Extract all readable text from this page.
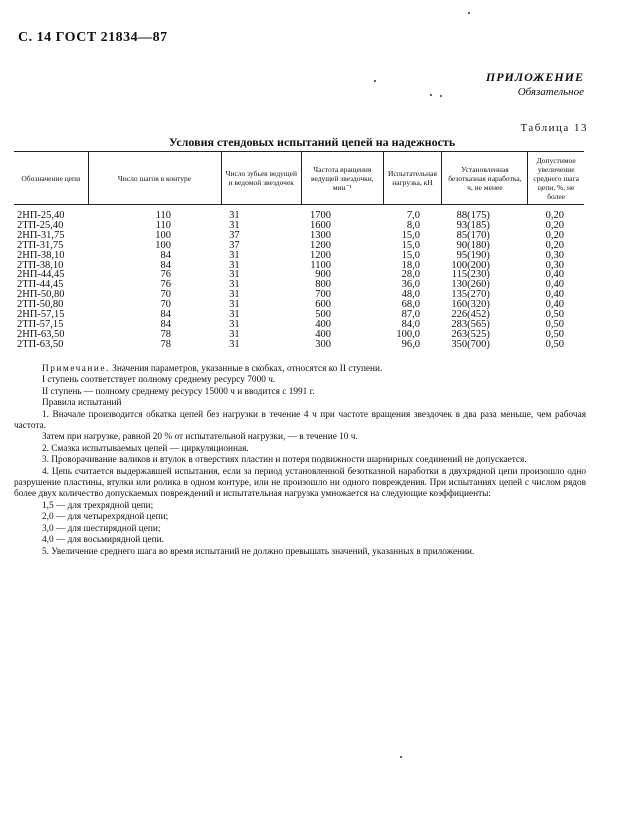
С. 14 ГОСТ 21834—87
ПРИЛОЖЕНИЕ
Обязательное
Таблица 13
Условия стендовых испытаний цепей на надежность
Обозначение цепи	Число шагов в контуре	Число зубьев ведущей и ведомой звездочек	Частота вращения ведущей звездочки, мин⁻¹	Испытательная нагрузка, кН	Установленная безотказная наработка, ч, не менее	Допустимое увеличение среднего шага цепи, %, не более
2НП-25,40	110	31	1700	7,0	88(175)	0,20
2ТП-25,40	110	31	1600	8,0	93(185)	0,20
2НП-31,75	100	37	1300	15,0	85(170)	0,20
2ТП-31,75	100	37	1200	15,0	90(180)	0,20
2НП-38,10	84	31	1200	15,0	95(190)	0,30
2ТП-38,10	84	31	1100	18,0	100(200)	0,30
2НП-44,45	76	31	900	28,0	115(230)	0,40
2ТП-44,45	76	31	800	36,0	130(260)	0,40
2НП-50,80	70	31	700	48,0	135(270)	0,40
2ТП-50,80	70	31	600	68,0	160(320)	0,40
2НП-57,15	84	31	500	87,0	226(452)	0,50
2ТП-57,15	84	31	400	84,0	283(565)	0,50
2НП-63,50	78	31	400	100,0	263(525)	0,50
2ТП-63,50	78	31	300	96,0	350(700)	0,50

Примечание. Значения параметров, указанные в скобках, относятся ко II ступени.

I ступень соответствует полному среднему ресурсу 7000 ч.

II ступень — полному среднему ресурсу 15000 ч и вводится с 1991 г.

Правила испытаний

1. Вначале производится обкатка цепей без нагрузки в течение 4 ч при частоте вращения звездочек в два раза меньше, чем рабочая частота.

Затем при нагрузке, равной 20 % от испытательной нагрузки, — в течение 10 ч.

2. Смазка испытываемых цепей — циркуляционная.

3. Проворачивание валиков и втулок в отверстиях пластин и потеря подвижности шарнирных соединений не допускается.

4. Цепь считается выдержавшей испытания, если за период установленной безотказной наработки в двухрядной цепи произошло одно разрушение пластины, втулки или ролика в одном контуре, или не произошло ни одного повреждения. При испытаниях цепей с числом рядов более двух количество допускаемых повреждений и испытательная нагрузка умножается на следующие коэффициенты:

1,5 — для трехрядной цепи;

2,0 — для четырехрядной цепи;

3,0 — для шестирядной цепи;

4,0 — для восьмирядной цепи.

5. Увеличение среднего шага во время испытаний не должно превышать значений, указанных в приложении.
